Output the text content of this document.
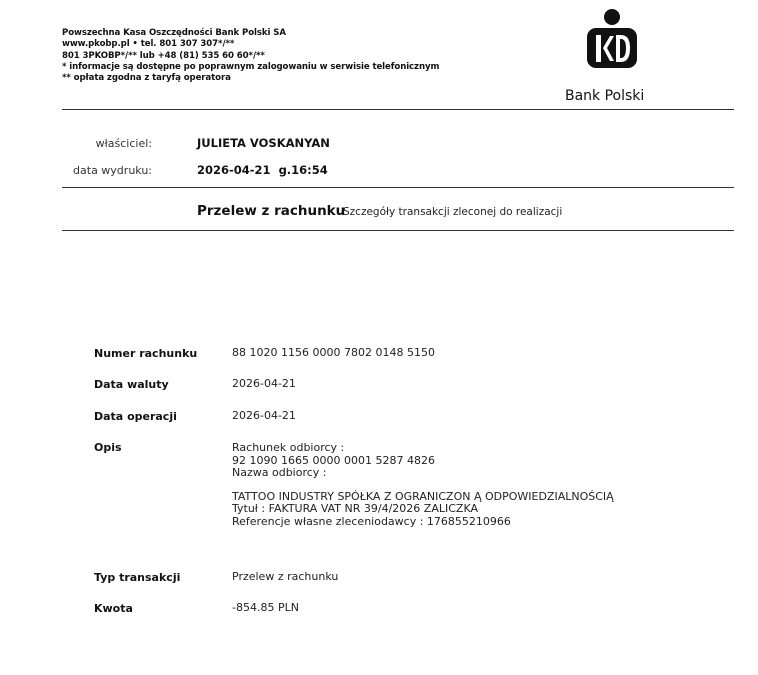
Powszechna Kasa Oszczędności Bank Polski SA
www.pkobp.pl • tel. 801 307 307*/**
801 3PKOBP*/** lub +48 (81) 535 60 60*/**
* informacje są dostępne po poprawnym zalogowaniu w serwisie telefonicznym
** opłata zgodna z taryfą operatora
Bank Polski
właściciel:	JULIETA VOSKANYAN
data wydruku:	2026-04-21  g.16:54
Przelew z rachunku
Szczegóły transakcji zleconej do realizacji
Numer rachunku	88 1020 1156 0000 7802 0148 5150
Data waluty	2026-04-21
Data operacji	2026-04-21
Opis	Rachunek odbiorcy :
92 1090 1665 0000 0001 5287 4826
Nazwa odbiorcy :
TATTOO INDUSTRY SPÓŁKA Z OGRANICZON Ą ODPOWIEDZIALNOŚCIĄ
Tytuł : FAKTURA VAT NR 39/4/2026 ZALICZKA
Referencje własne zleceniodawcy : 176855210966
Typ transakcji	Przelew z rachunku
Kwota	-854.85 PLN
